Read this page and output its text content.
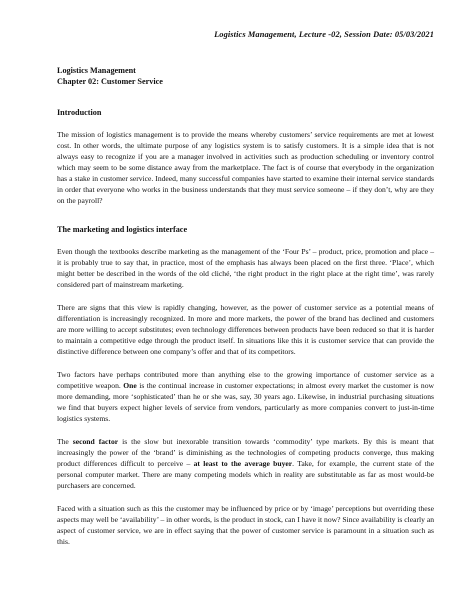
Logistics Management, Lecture -02, Session Date: 05/03/2021
Logistics Management
Chapter 02: Customer Service
Introduction

The mission of logistics management is to provide the means whereby customers’ service requirements are met at lowest cost. In other words, the ultimate purpose of any logistics system is to satisfy customers. It is a simple idea that is not always easy to recognize if you are a manager involved in activities such as production scheduling or inventory control which may seem to be some distance away from the marketplace. The fact is of course that everybody in the organization has a stake in customer service. Indeed, many successful companies have started to examine their internal service standards in order that everyone who works in the business understands that they must service someone – if they don’t, why are they on the payroll?

The marketing and logistics interface

Even though the textbooks describe marketing as the management of the ‘Four Ps’ – product, price, promotion and place – it is probably true to say that, in practice, most of the emphasis has always been placed on the first three. ‘Place’, which might better be described in the words of the old cliché, ‘the right product in the right place at the right time’, was rarely considered part of mainstream marketing.

There are signs that this view is rapidly changing, however, as the power of customer service as a potential means of differentiation is increasingly recognized. In more and more markets, the power of the brand has declined and customers are more willing to accept substitutes; even technology differences between products have been reduced so that it is harder to maintain a competitive edge through the product itself. In situations like this it is customer service that can provide the distinctive difference between one company’s offer and that of its competitors.

Two factors have perhaps contributed more than anything else to the growing importance of customer service as a competitive weapon. One is the continual increase in customer expectations; in almost every market the customer is now more demanding, more ‘sophisticated’ than he or she was, say, 30 years ago. Likewise, in industrial purchasing situations we find that buyers expect higher levels of service from vendors, particularly as more companies convert to just-in-time logistics systems.

The second factor is the slow but inexorable transition towards ‘commodity’ type markets. By this is meant that increasingly the power of the ‘brand’ is diminishing as the technologies of competing products converge, thus making product differences difficult to perceive – at least to the average buyer. Take, for example, the current state of the personal computer market. There are many competing models which in reality are substitutable as far as most would-be purchasers are concerned.

Faced with a situation such as this the customer may be influenced by price or by ‘image’ perceptions but overriding these aspects may well be ‘availability’ – in other words, is the product in stock, can I have it now? Since availability is clearly an aspect of customer service, we are in effect saying that the power of customer service is paramount in a situation such as this.
